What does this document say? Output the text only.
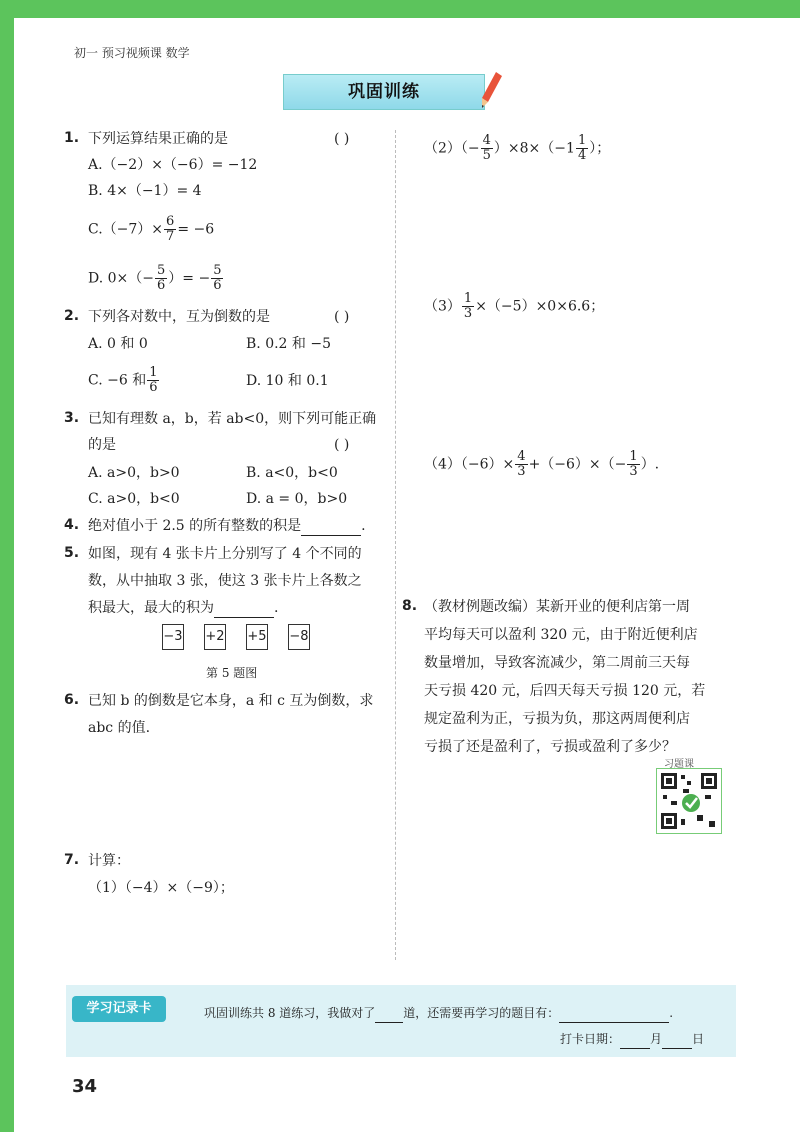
初一 预习视频课 数学
巩固训练
1. 下列运算结果正确的是	( )
A.（−2）×（−6）= −12
B. 4×（−1）= 4
$C.(-7)\times \frac{6}{7} = -6$
D. $0\times(- \frac{5}{6}$ ）= − $\frac{5}{6}$
2. 下列各对数中，互为倒数的是	( )
A. 0 和 0	B. 0.2 和 −5
C. −6 和 $\frac{1}{6}$	D. 10 和 0.1
3. 已知有理数 a，b，若 ab<0，则下列可能正确
的是	( )
A. a>0，b>0	B. a<0，b<0
C. a>0，b<0	D. a = 0，b>0
4. 绝对值小于 2.5 的所有整数的积是	.
5. 如图，现有 4 张卡片上分别写了 4 个不同的
数，从中抽取 3 张，使这 3 张卡片上各数之
积最大，最大的积为	.
−3 +2 +5 −8
第 5 题图
6. 已知 b 的倒数是它本身，a 和 c 互为倒数，求
abc 的值.
7. 计算：
（1）（−4）×（−9）；
$(2)(- \frac{4}{5} )\times 8\times(-1 \frac{1}{4}$ ）；
$(3) \frac{1}{3} \times(-5)\times 0\times 6.6$；
$(4)(-6)\times \frac{4}{3} +(-6)\times(- \frac{1}{3}$ ）.
8. （教材例题改编）某新开业的便利店第一周
平均每天可以盈利 320 元，由于附近便利店
数量增加，导致客流减少，第二周前三天每
天亏损 420 元，后四天每天亏损 120 元，若
规定盈利为正，亏损为负，那这两周便利店
亏损了还是盈利了，亏损或盈利了多少？
习题课
学习记录卡	巩固训练共 8 道练习，我做对了 道，还需要再学习的题目有：	.
打卡日期：	月	日
34
